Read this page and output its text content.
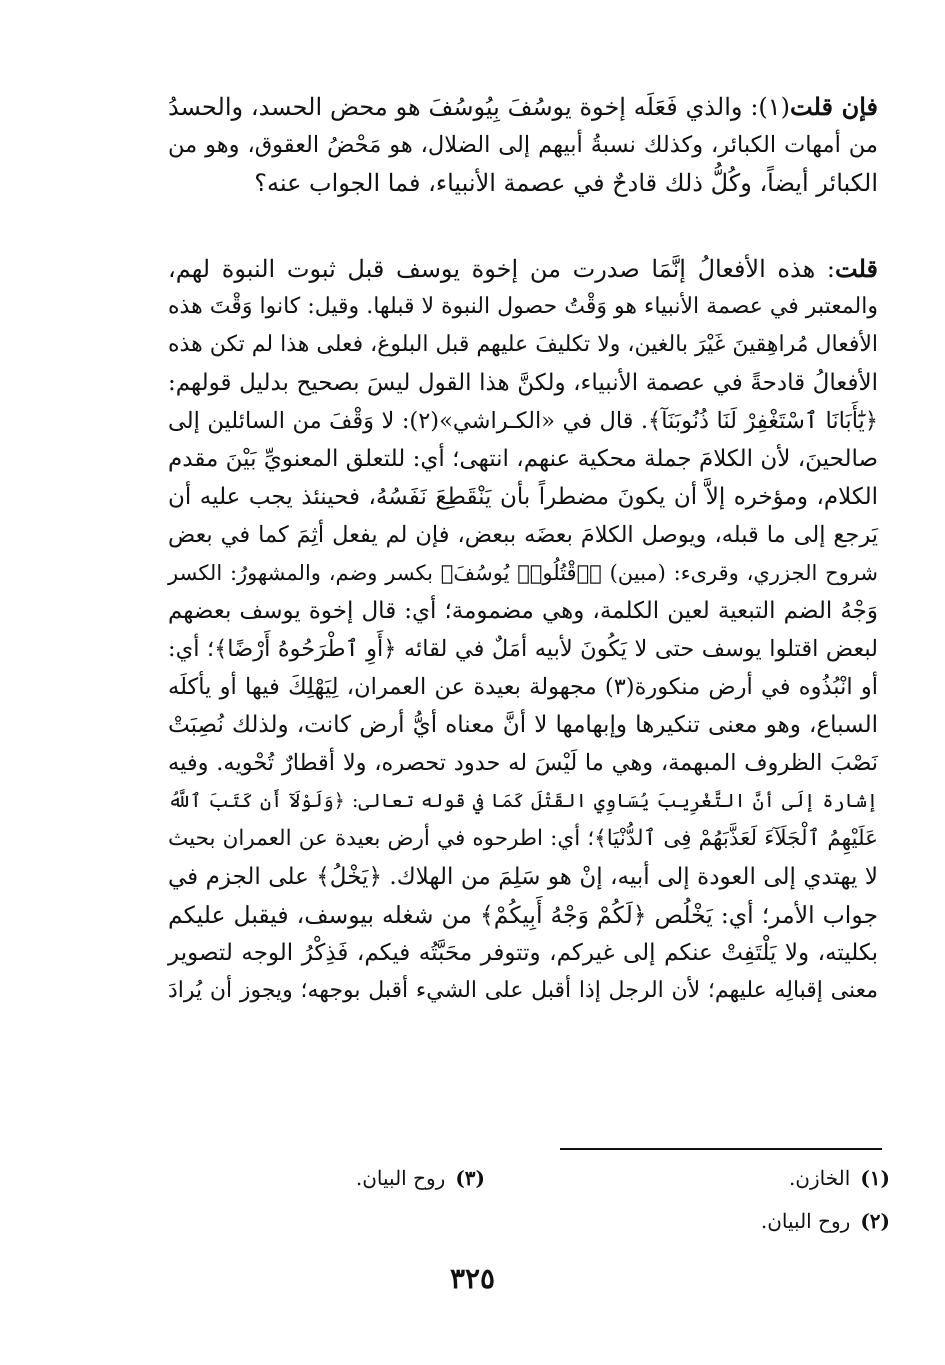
فإن قلت(١): والذي فَعَلَه إخوة يوسُفَ بِيُوسُفَ هو محض الحسد، والحسدُ
من أمهات الكبائر، وكذلك نسبةُ أبيهم إلى الضلال، هو مَحْضُ العقوق، وهو من
الكبائر أيضاً، وكُلُّ ذلك قادحٌ في عصمة الأنبياء، فما الجواب عنه؟
قلت: هذه الأفعالُ إنَّمَا صدرت من إخوة يوسف قبل ثبوت النبوة لهم،
والمعتبر في عصمة الأنبياء هو وَقْتُ حصول النبوة لا قبلها. وقيل: كانوا وَقْتَ هذه
الأفعال مُراهِقينَ غَيْرَ بالغين، ولا تكليفَ عليهم قبل البلوغ، فعلى هذا لم تكن هذه
الأفعالُ قادحةً في عصمة الأنبياء، ولكنَّ هذا القول ليسَ بصحيح بدليل قولهم:
﴿يَٰٓأَبَانَا ٱسْتَغْفِرْ لَنَا ذُنُوبَنَآ﴾. قال في «الكـراشي»(٢): لا وَقْفَ من السائلين إلى
صالحينَ، لأن الكلامَ جملة محكية عنهم، انتهى؛ أي: للتعلق المعنويِّ بَيْنَ مقدم
الكلام، ومؤخره إلاَّ أن يكونَ مضطراً بأن يَنْقَطِعَ نَفَسُهُ، فحينئذ يجب عليه أن
يَرجع إلى ما قبله، ويوصل الكلامَ بعضَه ببعض، فإن لم يفعل أثِمَ كما في بعض
شروح الجزري، وقرىء: (مبين) ﴿ٱقْتُلُوا۟ يُوسُفَ﴾ بكسر وضم، والمشهورُ: الكسر
وَجْهُ الضم التبعية لعين الكلمة، وهي مضمومة؛ أي: قال إخوة يوسف بعضهم
لبعض اقتلوا يوسف حتى لا يَكُونَ لأبيه أمَلٌ في لقائه ﴿أَوِ ٱطْرَحُوهُ أَرْضًا﴾؛ أي:
أو انْبُذُوه في أرض منكورة(٣) مجهولة بعيدة عن العمران، لِيَهْلِكَ فيها أو يأكلَه
السباع، وهو معنى تنكيرها وإبهامها لا أنَّ معناه أيُّ أرض كانت، ولذلك نُصِبَتْ
نَصْبَ الظروف المبهمة، وهي ما لَيْسَ له حدود تحصره، ولا أقطارٌ تُحْويه. وفيه
إشارة إلَى أنَّ التَّغْرِيبَ يُسَاوِي القَتْلَ كَمَا في قوله تعالى: ﴿وَلَوْلَآ أَن كَتَبَ ٱللَّهُ
عَلَيْهِمُ ٱلْجَلَآءَ لَعَذَّبَهُمْ فِى ٱلدُّنْيَا﴾؛ أي: اطرحوه في أرض بعيدة عن العمران بحيث
لا يهتدي إلى العودة إلى أبيه، إنْ هو سَلِمَ من الهلاك. ﴿يَخْلُ﴾ على الجزم في
جواب الأمر؛ أي: يَخْلُص ﴿لَكُمْ وَجْهُ أَبِيكُمْ﴾ من شغله بيوسف، فيقبل عليكم
بكليته، ولا يَلْتَفِتْ عنكم إلى غيركم، وتتوفر محَبَّتُه فيكم، فَذِكْرُ الوجه لتصوير
معنى إقبالِه عليهم؛ لأن الرجل إذا أقبل على الشيء أقبل بوجهه؛ ويجوز أن يُرادَ
(١)الخازن.
(٣)روح البيان.
(٢)روح البيان.
٣٢٥
